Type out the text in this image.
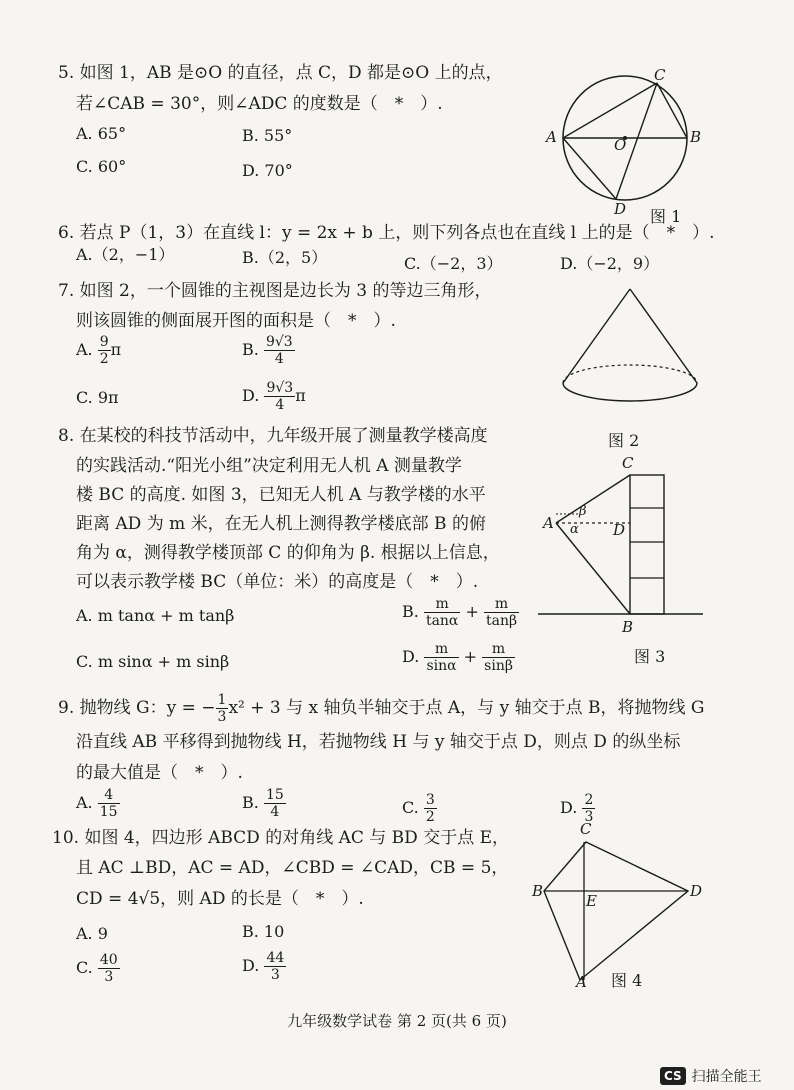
5. 如图 1，AB 是⊙O 的直径，点 C，D 都是⊙O 上的点，
若∠CAB = 30°，则∠ADC 的度数是（　*　）.
A. 65°	B. 55°
C. 60°	D. 70°
A	B
C
D
O
图 1
6. 若点 P（1，3）在直线 l：y = 2x + b 上，则下列各点也在直线 l 上的是（　*　）.
A.（2，−1）	B.（2，5）	C.（−2，3）	D.（−2，9）
7. 如图 2，一个圆锥的主视图是边长为 3 的等边三角形，
则该圆锥的侧面展开图的面积是（　*　）.
A. $\frac{9}{2}$ π	B. $\frac{9√3}{4}$
C. 9π	D. $\frac{9√3}{4}$ π
图 2
8. 在某校的科技节活动中，九年级开展了测量教学楼高度
的实践活动.“阳光小组”决定利用无人机 A 测量教学
楼 BC 的高度. 如图 3，已知无人机 A 与教学楼的水平
距离 AD 为 m 米，在无人机上测得教学楼底部 B 的俯
角为 α，测得教学楼顶部 C 的仰角为 β. 根据以上信息，
可以表示教学楼 BC（单位：米）的高度是（　*　）.
A. m tanα + m tanβ	B. $\frac{m}{\tan\alpha} + \frac{m}{\tan\beta}$
C. m sinα + m sinβ	D. $\frac{m}{\sin\alpha} + \frac{m}{\sin\beta}$
C
A	D
B
β
α
图 3
9. 抛物线 G：y = − $\frac{1}{3} x^2 + 3$ 与 x 轴负半轴交于点 A，与 y 轴交于点 B，将抛物线 G
沿直线 AB 平移得到抛物线 H，若抛物线 H 与 y 轴交于点 D，则点 D 的纵坐标
的最大值是（　*　）.
A. $\frac{4}{15}$	B. $\frac{15}{4}$	C. $\frac{3}{2}$	D. $\frac{2}{3}$
10. 如图 4，四边形 ABCD 的对角线 AC 与 BD 交于点 E，
且 AC ⊥BD，AC = AD，∠CBD = ∠CAD，CB = 5，
CD = 4√5，则 AD 的长是（　*　）.
A. 9	B. 10
C. $\frac{40}{3}$	D. $\frac{44}{3}$
C
B	D
E
A 图 4
九年级数学试卷 第 2 页(共 6 页)
CS 扫描全能王
